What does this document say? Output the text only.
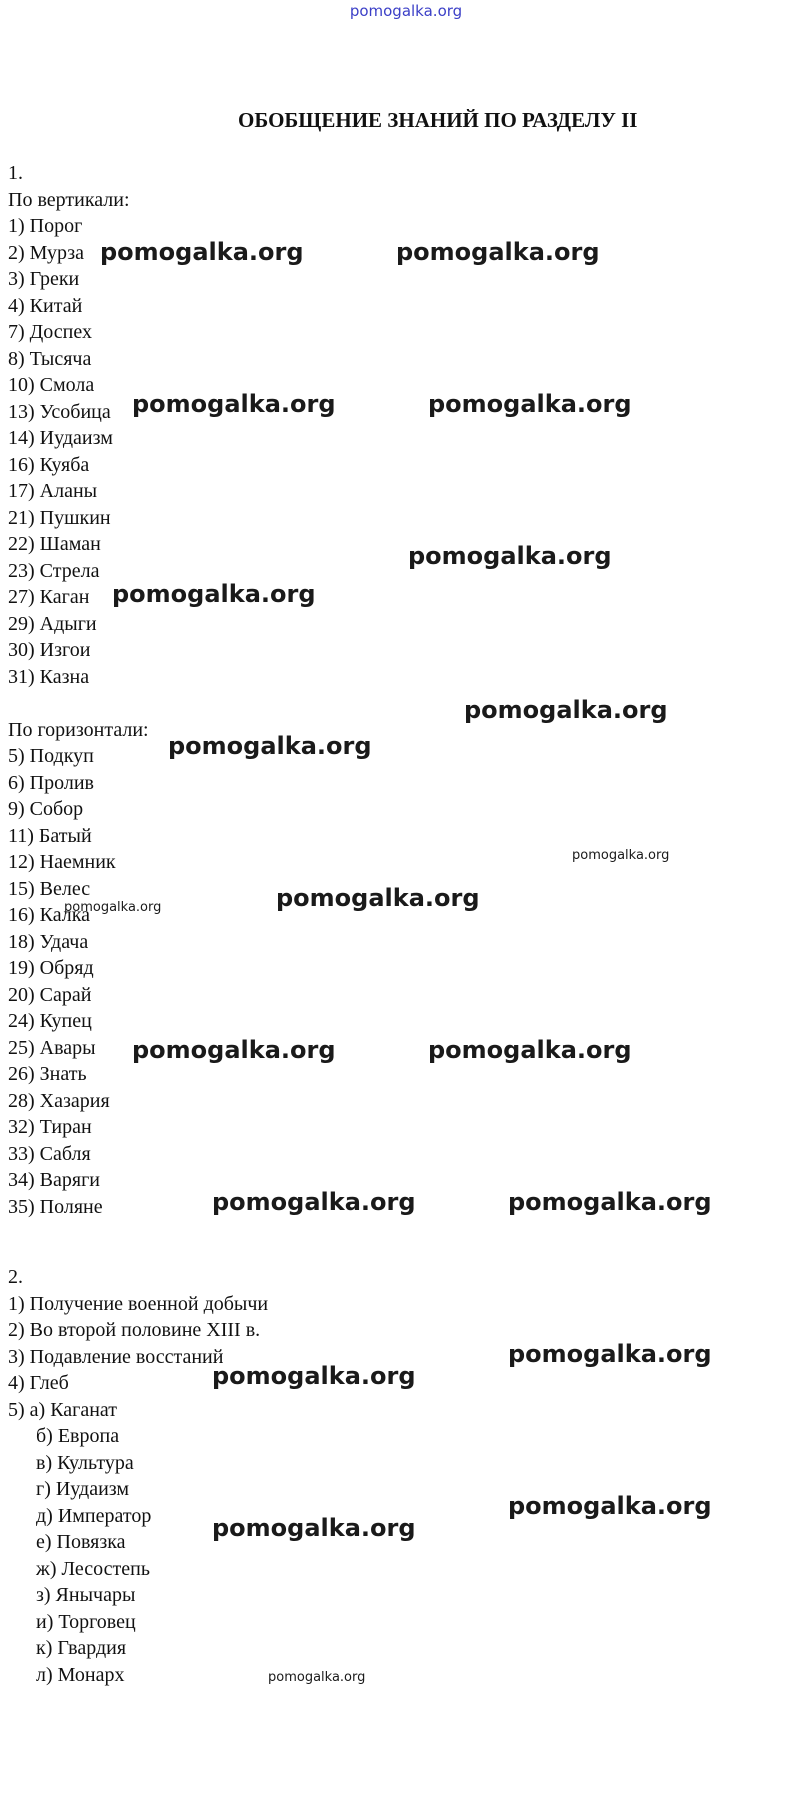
pomogalka.org
ОБОБЩЕНИЕ ЗНАНИЙ ПО РАЗДЕЛУ II
1.
По вертикали:
1) Порог
2) Мурза
3) Греки
4) Китай
7) Доспех
8) Тысяча
10) Смола
13) Усобица
14) Иудаизм
16) Куяба
17) Аланы
21) Пушкин
22) Шаман
23) Стрела
27) Каган
29) Адыги
30) Изгои
31) Казна

По горизонтали:
5) Подкуп
6) Пролив
9) Собор
11) Батый
12) Наемник
15) Велес
16) Калка
18) Удача
19) Обряд
20) Сарай
24) Купец
25) Авары
26) Знать
28) Хазария
32) Тиран
33) Сабля
34) Варяги
35) Поляне
2.
1) Получение военной добычи
2) Во второй половине XIII в.
3) Подавление восстаний
4) Глеб
5) а) Каганат
б) Европа
в) Культура
г) Иудаизм
д) Император
е) Повязка
ж) Лесостепь
з) Янычары
и) Торговец
к) Гвардия
л) Монарх
pomogalka.org	pomogalka.org
pomogalka.org	pomogalka.org
pomogalka.org
pomogalka.org
pomogalka.org
pomogalka.org
pomogalka.org
pomogalka.org	pomogalka.org
pomogalka.org	pomogalka.org
pomogalka.org	pomogalka.org
pomogalka.org
pomogalka.org
pomogalka.org
pomogalka.org
pomogalka.org
